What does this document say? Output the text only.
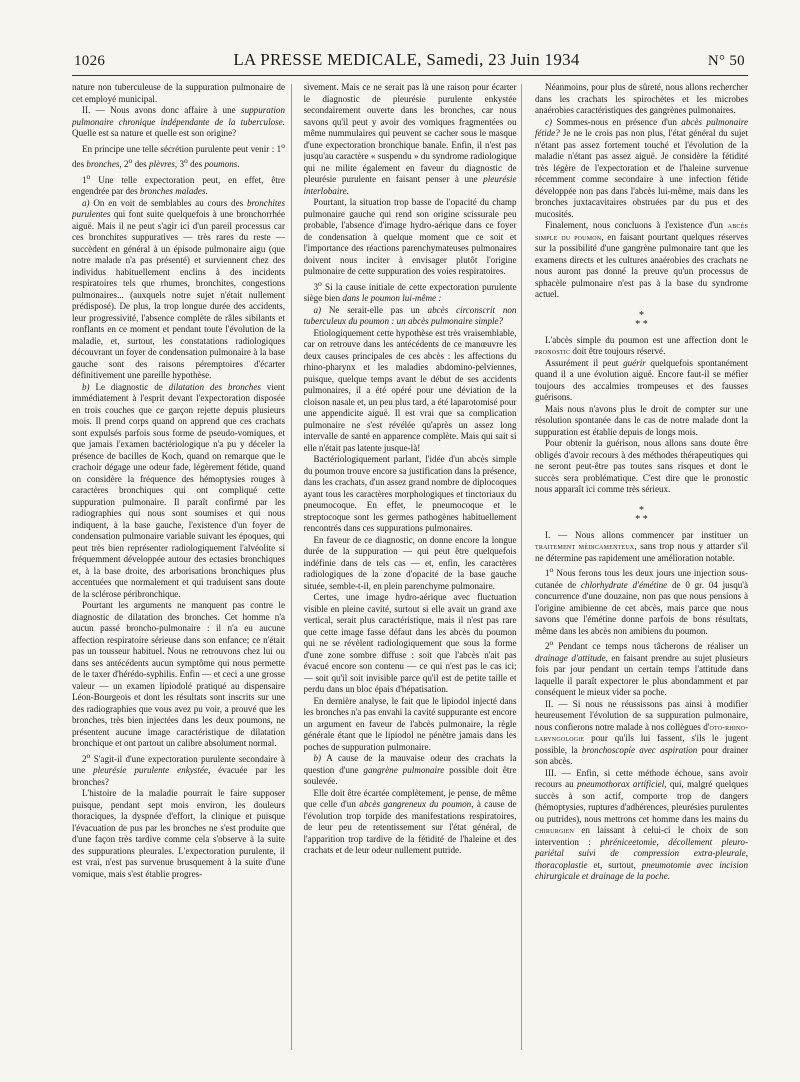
1026	LA PRESSE MEDICALE, Samedi, 23 Juin 1934	N° 50

nature non tuberculeuse de la suppuration pulmonaire de cet employé municipal.

II. — Nous avons donc affaire à une suppuration pulmonaire chronique indépendante de la tuberculose. Quelle est sa nature et quelle est son origine?

En principe une telle sécrétion purulente peut venir : 1$^o$ des bronches, 2$^o$ des plèvres, 3$^o$ des poumons.

1$^o$ Une telle expectoration peut, en effet, être engendrée par des bronches malades.

a) On en voit de semblables au cours des bronchites purulentes qui font suite quelquefois à une bronchorrhée aiguë. Mais il ne peut s'agir ici d'un pareil processus car ces bronchites suppuratives — très rares du reste — succèdent en général à un épisode pulmonaire aigu (que notre malade n'a pas présenté) et surviennent chez des individus habituellement enclins à des incidents respiratoires tels que rhumes, bronchites, congestions pulmonaires... (auxquels notre sujet n'était nullement prédisposé). De plus, la trop longue durée des accidents, leur progressivité, l'absence complète de râles sibilants et ronflants en ce moment et pendant toute l'évolution de la maladie, et, surtout, les constatations radiologiques découvrant un foyer de condensation pulmonaire à la base gauche sont des raisons péremptoires d'écarter définitivement une pareille hypothèse.

b) Le diagnostic de dilatation des bronches vient immédiatement à l'esprit devant l'expectoration disposée en trois couches que ce garçon rejette depuis plusieurs mois. Il prend corps quand on apprend que ces crachats sont expulsés parfois sous forme de pseudo-vomiques, et que jamais l'examen bactériologique n'a pu y déceler la présence de bacilles de Koch, quand on remarque que le crachoir dégage une odeur fade, légèrement fétide, quand on considère la fréquence des hémoptysies rouges à caractères bronchiques qui ont compliqué cette suppuration pulmonaire. Il paraît confirmé par les radiographies qui nous sont soumises et qui nous indiquent, à la base gauche, l'existence d'un foyer de condensation pulmonaire variable suivant les époques, qui peut très bien représenter radiologiquement l'alvéolite si fréquemment développée autour des ectasies bronchiques et, à la base droite, des arborisations bronchiques plus accentuées que normalement et qui traduisent sans doute de la sclérose péribronchique.

Pourtant les arguments ne manquent pas contre le diagnostic de dilatation des bronches. Cet homme n'a aucun passé broncho-pulmonaire : il n'a eu aucune affection respiratoire sérieuse dans son enfance; ce n'était pas un tousseur habituel. Nous ne retrouvons chez lui ou dans ses antécédents aucun symptôme qui nous permette de le taxer d'hérédo-syphilis. Enfin — et ceci a une grosse valeur — un examen lipiodolé pratiqué au dispensaire Léon-Bourgeois et dont les résultats sont inscrits sur une des radiographies que vous avez pu voir, a prouvé que les bronches, très bien injectées dans les deux poumons, ne présentent aucune image caractéristique de dilatation bronchique et ont partout un calibre absolument normal.

2$^o$ S'agit-il d'une expectoration purulente secondaire à une pleurésie purulente enkystée, évacuée par les bronches?

L'histoire de la maladie pourrait le faire supposer puisque, pendant sept mois environ, les douleurs thoraciques, la dyspnée d'effort, la clinique et puisque l'évacuation de pus par les bronches ne s'est produite que d'une façon très tardive comme cela s'observe à la suite des suppurations pleurales. L'expectoration purulente, il est vrai, n'est pas survenue brusquement à la suite d'une vomique, mais s'est établie progres-

sivement. Mais ce ne serait pas là une raison pour écarter le diagnostic de pleurésie purulente enkystée secondairement ouverte dans les bronches, car nous savons qu'il peut y avoir des vomiques fragmentées ou même nummulaires qui peuvent se cacher sous le masque d'une expectoration bronchique banale. Enfin, il n'est pas jusqu'au caractère « suspendu » du syndrome radiologique qui ne milite également en faveur du diagnostic de pleurésie purulente en faisant penser à une pleurésie interlobaire.

Pourtant, la situation trop basse de l'opacité du champ pulmonaire gauche qui rend son origine scissurale peu probable, l'absence d'image hydro-aérique dans ce foyer de condensation à quelque moment que ce soit et l'importance des réactions parenchymateuses pulmonaires doivent nous inciter à envisager plutôt l'origine pulmonaire de cette suppuration des voies respiratoires.

3$^o$ Si la cause initiale de cette expectoration purulente siège bien dans le poumon lui-même :

a) Ne serait-elle pas un abcès circonscrit non tuberculeux du poumon : un abcès pulmonaire simple?

Etiologiquement cette hypothèse est très vraisemblable, car on retrouve dans les antécédents de ce manœuvre les deux causes principales de ces abcès : les affections du rhino-pharynx et les maladies abdomino-pelviennes, puisque, quelque temps avant le début de ses accidents pulmonaires, il a été opéré pour une déviation de la cloison nasale et, un peu plus tard, a été laparotomisé pour une appendicite aiguë. Il est vrai que sa complication pulmonaire ne s'est révélée qu'après un assez long intervalle de santé en apparence complète. Mais qui sait si elle n'était pas latente jusque-là!

Bactériologiquement parlant, l'idée d'un abcès simple du poumon trouve encore sa justification dans la présence, dans les crachats, d'un assez grand nombre de diplocoques ayant tous les caractères morphologiques et tinctoriaux du pneumocoque. En effet, le pneumocoque et le streptocoque sont les germes pathogènes habituellement rencontrés dans ces suppurations pulmonaires.

En faveur de ce diagnostic, on donne encore la longue durée de la suppuration — qui peut être quelquefois indéfinie dans de tels cas — et, enfin, les caractères radiologiques de la zone d'opacité de la base gauche située, semble-t-il, en plein parenchyme pulmonaire.

Certes, une image hydro-aérique avec fluctuation visible en pleine cavité, surtout si elle avait un grand axe vertical, serait plus caractéristique, mais il n'est pas rare que cette image fasse défaut dans les abcès du poumon qui ne se révèlent radiologiquement que sous la forme d'une zone sombre diffuse : soit que l'abcès n'ait pas évacué encore son contenu — ce qui n'est pas le cas ici; — soit qu'il soit invisible parce qu'il est de petite taille et perdu dans un bloc épais d'hépatisation.

En dernière analyse, le fait que le lipiodol injecté dans les bronches n'a pas envahi la cavité suppurante est encore un argument en faveur de l'abcès pulmonaire, la règle générale étant que le lipiodol ne pénètre jamais dans les poches de suppuration pulmonaire.

b) A cause de la mauvaise odeur des crachats la question d'une gangrène pulmonaire possible doit être soulevée.

Elle doit être écartée complètement, je pense, de même que celle d'un abcès gangreneux du poumon, à cause de l'évolution trop torpide des manifestations respiratoires, de leur peu de retentissement sur l'état général, de l'apparition trop tardive de la fétidité de l'haleine et des crachats et de leur odeur nullement putride.

Néanmoins, pour plus de sûreté, nous allons rechercher dans les crachats les spirochètes et les microbes anaérobies caractéristiques des gangrènes pulmonaires.

c) Sommes-nous en présence d'un abcès pulmonaire fétide? Je ne le crois pas non plus, l'état général du sujet n'étant pas assez fortement touché et l'évolution de la maladie n'étant pas assez aiguë. Je considère la fétidité très légère de l'expectoration et de l'haleine survenue récemment comme secondaire à une infection fétide développée non pas dans l'abcès lui-même, mais dans les bronches juxtacavitaires obstruées par du pus et des mucosités.

Finalement, nous concluons à l'existence d'un abcès simple du poumon, en faisant pourtant quelques réserves sur la possibilité d'une gangrène pulmonaire tant que les examens directs et les cultures anaérobies des crachats ne nous auront pas donné la preuve qu'un processus de sphacèle pulmonaire n'est pas à la base du syndrome actuel.

*
* *

L'abcès simple du poumon est une affection dont le pronostic doit être toujours réservé.

Assurément il peut guérir quelquefois spontanément quand il a une évolution aiguë. Encore faut-il se méfier toujours des accalmies trompeuses et des fausses guérisons.

Mais nous n'avons plus le droit de compter sur une résolution spontanée dans le cas de notre malade dont la suppuration est établie depuis de longs mois.

Pour obtenir la guérison, nous allons sans doute être obligés d'avoir recours à des méthodes thérapeutiques qui ne seront peut-être pas toutes sans risques et dont le succès sera problématique. C'est dire que le pronostic nous apparaît ici comme très sérieux.

*
* *

I. — Nous allons commencer par instituer un traitement médicamenteux, sans trop nous y attarder s'il ne détermine pas rapidement une amélioration notable.

1$^o$ Nous ferons tous les deux jours une injection sous-cutanée de chlorhydrate d'émétine de 0 gr. 04 jusqu'à concurrence d'une douzaine, non pas que nous pensions à l'origine amibienne de cet abcès, mais parce que nous savons que l'émétine donne parfois de bons résultats, même dans les abcès non amibiens du poumon.

2$^o$ Pendant ce temps nous tâcherons de réaliser un drainage d'attitude, en faisant prendre au sujet plusieurs fois par jour pendant un certain temps l'attitude dans laquelle il paraît expectorer le plus abondamment et par conséquent le mieux vider sa poche.

II. — Si nous ne réussissons pas ainsi à modifier heureusement l'évolution de sa suppuration pulmonaire, nous confierons notre malade à nos collègues d'oto-rhino-laryngologie pour qu'ils lui fassent, s'ils le jugent possible, la bronchoscopie avec aspiration pour drainer son abcès.

III. — Enfin, si cette méthode échoue, sans avoir recours au pneumothorax artificiel, qui, malgré quelques succès à son actif, comporte trop de dangers (hémoptysies, ruptures d'adhérences, pleurésies purulentes ou putrides), nous mettrons cet homme dans les mains du chirurgien en laissant à celui-ci le choix de son intervention : phréniceetomie, décollement pleuro-pariétal suivi de compression extra-pleurale, thoracoplastie et, surtout, pneumotomie avec incision chirurgicale et drainage de la poche.
